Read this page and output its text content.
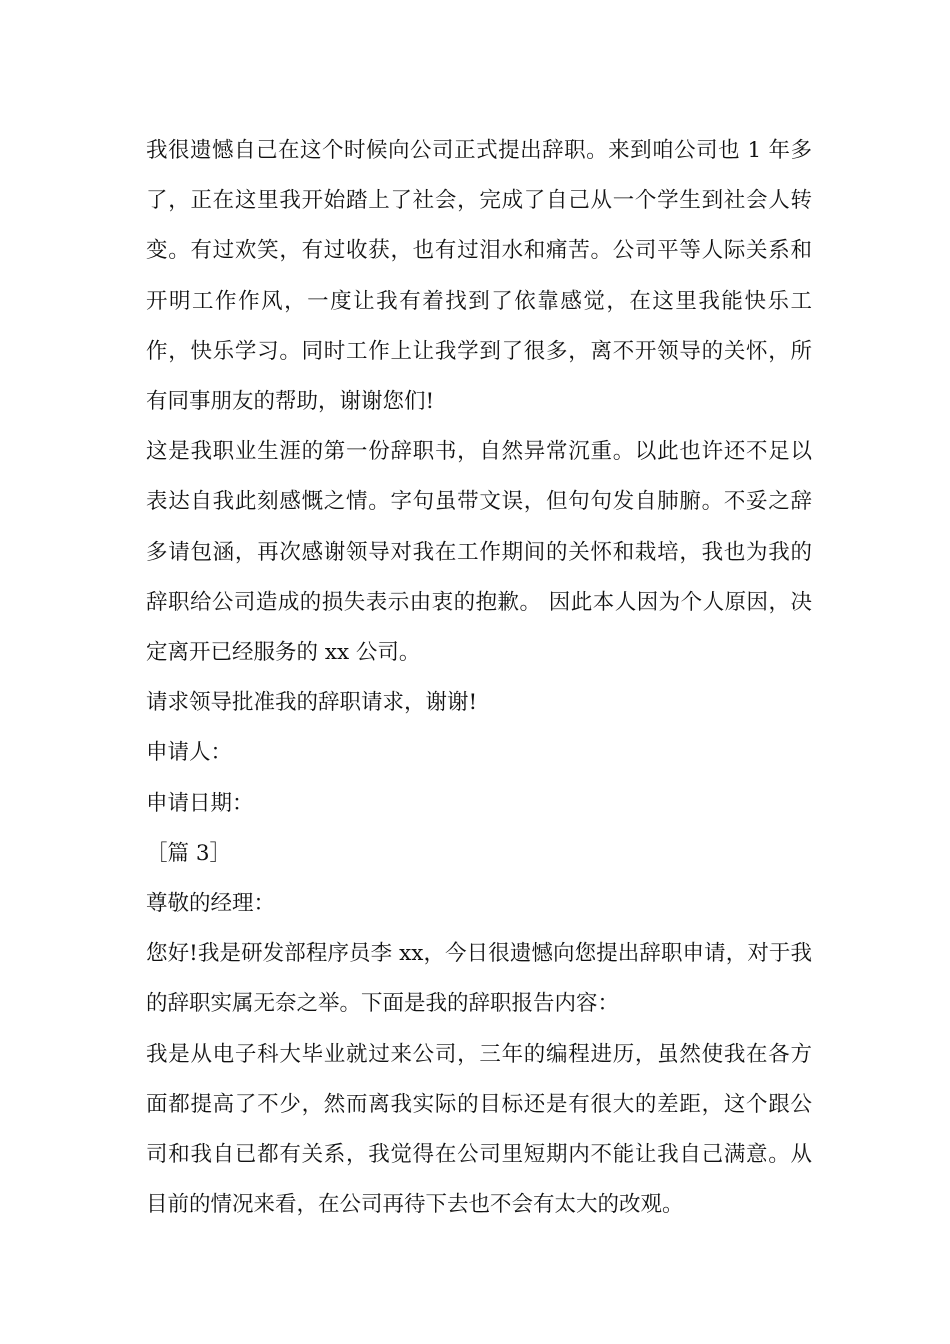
我很遗憾自己在这个时候向公司正式提出辞职。来到咱公司也 1 年多了，正在这里我开始踏上了社会，完成了自己从一个学生到社会人转变。有过欢笑，有过收获，也有过泪水和痛苦。公司平等人际关系和开明工作作风，一度让我有着找到了依靠感觉，在这里我能快乐工作，快乐学习。同时工作上让我学到了很多，离不开领导的关怀，所有同事朋友的帮助，谢谢您们!

这是我职业生涯的第一份辞职书，自然异常沉重。以此也许还不足以表达自我此刻感慨之情。字句虽带文误，但句句发自肺腑。不妥之辞多请包涵，再次感谢领导对我在工作期间的关怀和栽培，我也为我的辞职给公司造成的损失表示由衷的抱歉。 因此本人因为个人原因，决定离开已经服务的 xx 公司。

请求领导批准我的辞职请求，谢谢!

申请人：

申请日期：

［篇 3］

尊敬的经理：

您好!我是研发部程序员李 xx，今日很遗憾向您提出辞职申请，对于我的辞职实属无奈之举。下面是我的辞职报告内容：

我是从电子科大毕业就过来公司，三年的编程进历，虽然使我在各方面都提高了不少，然而离我实际的目标还是有很大的差距，这个跟公司和我自已都有关系，我觉得在公司里短期内不能让我自己满意。从目前的情况来看，在公司再待下去也不会有太大的改观。
